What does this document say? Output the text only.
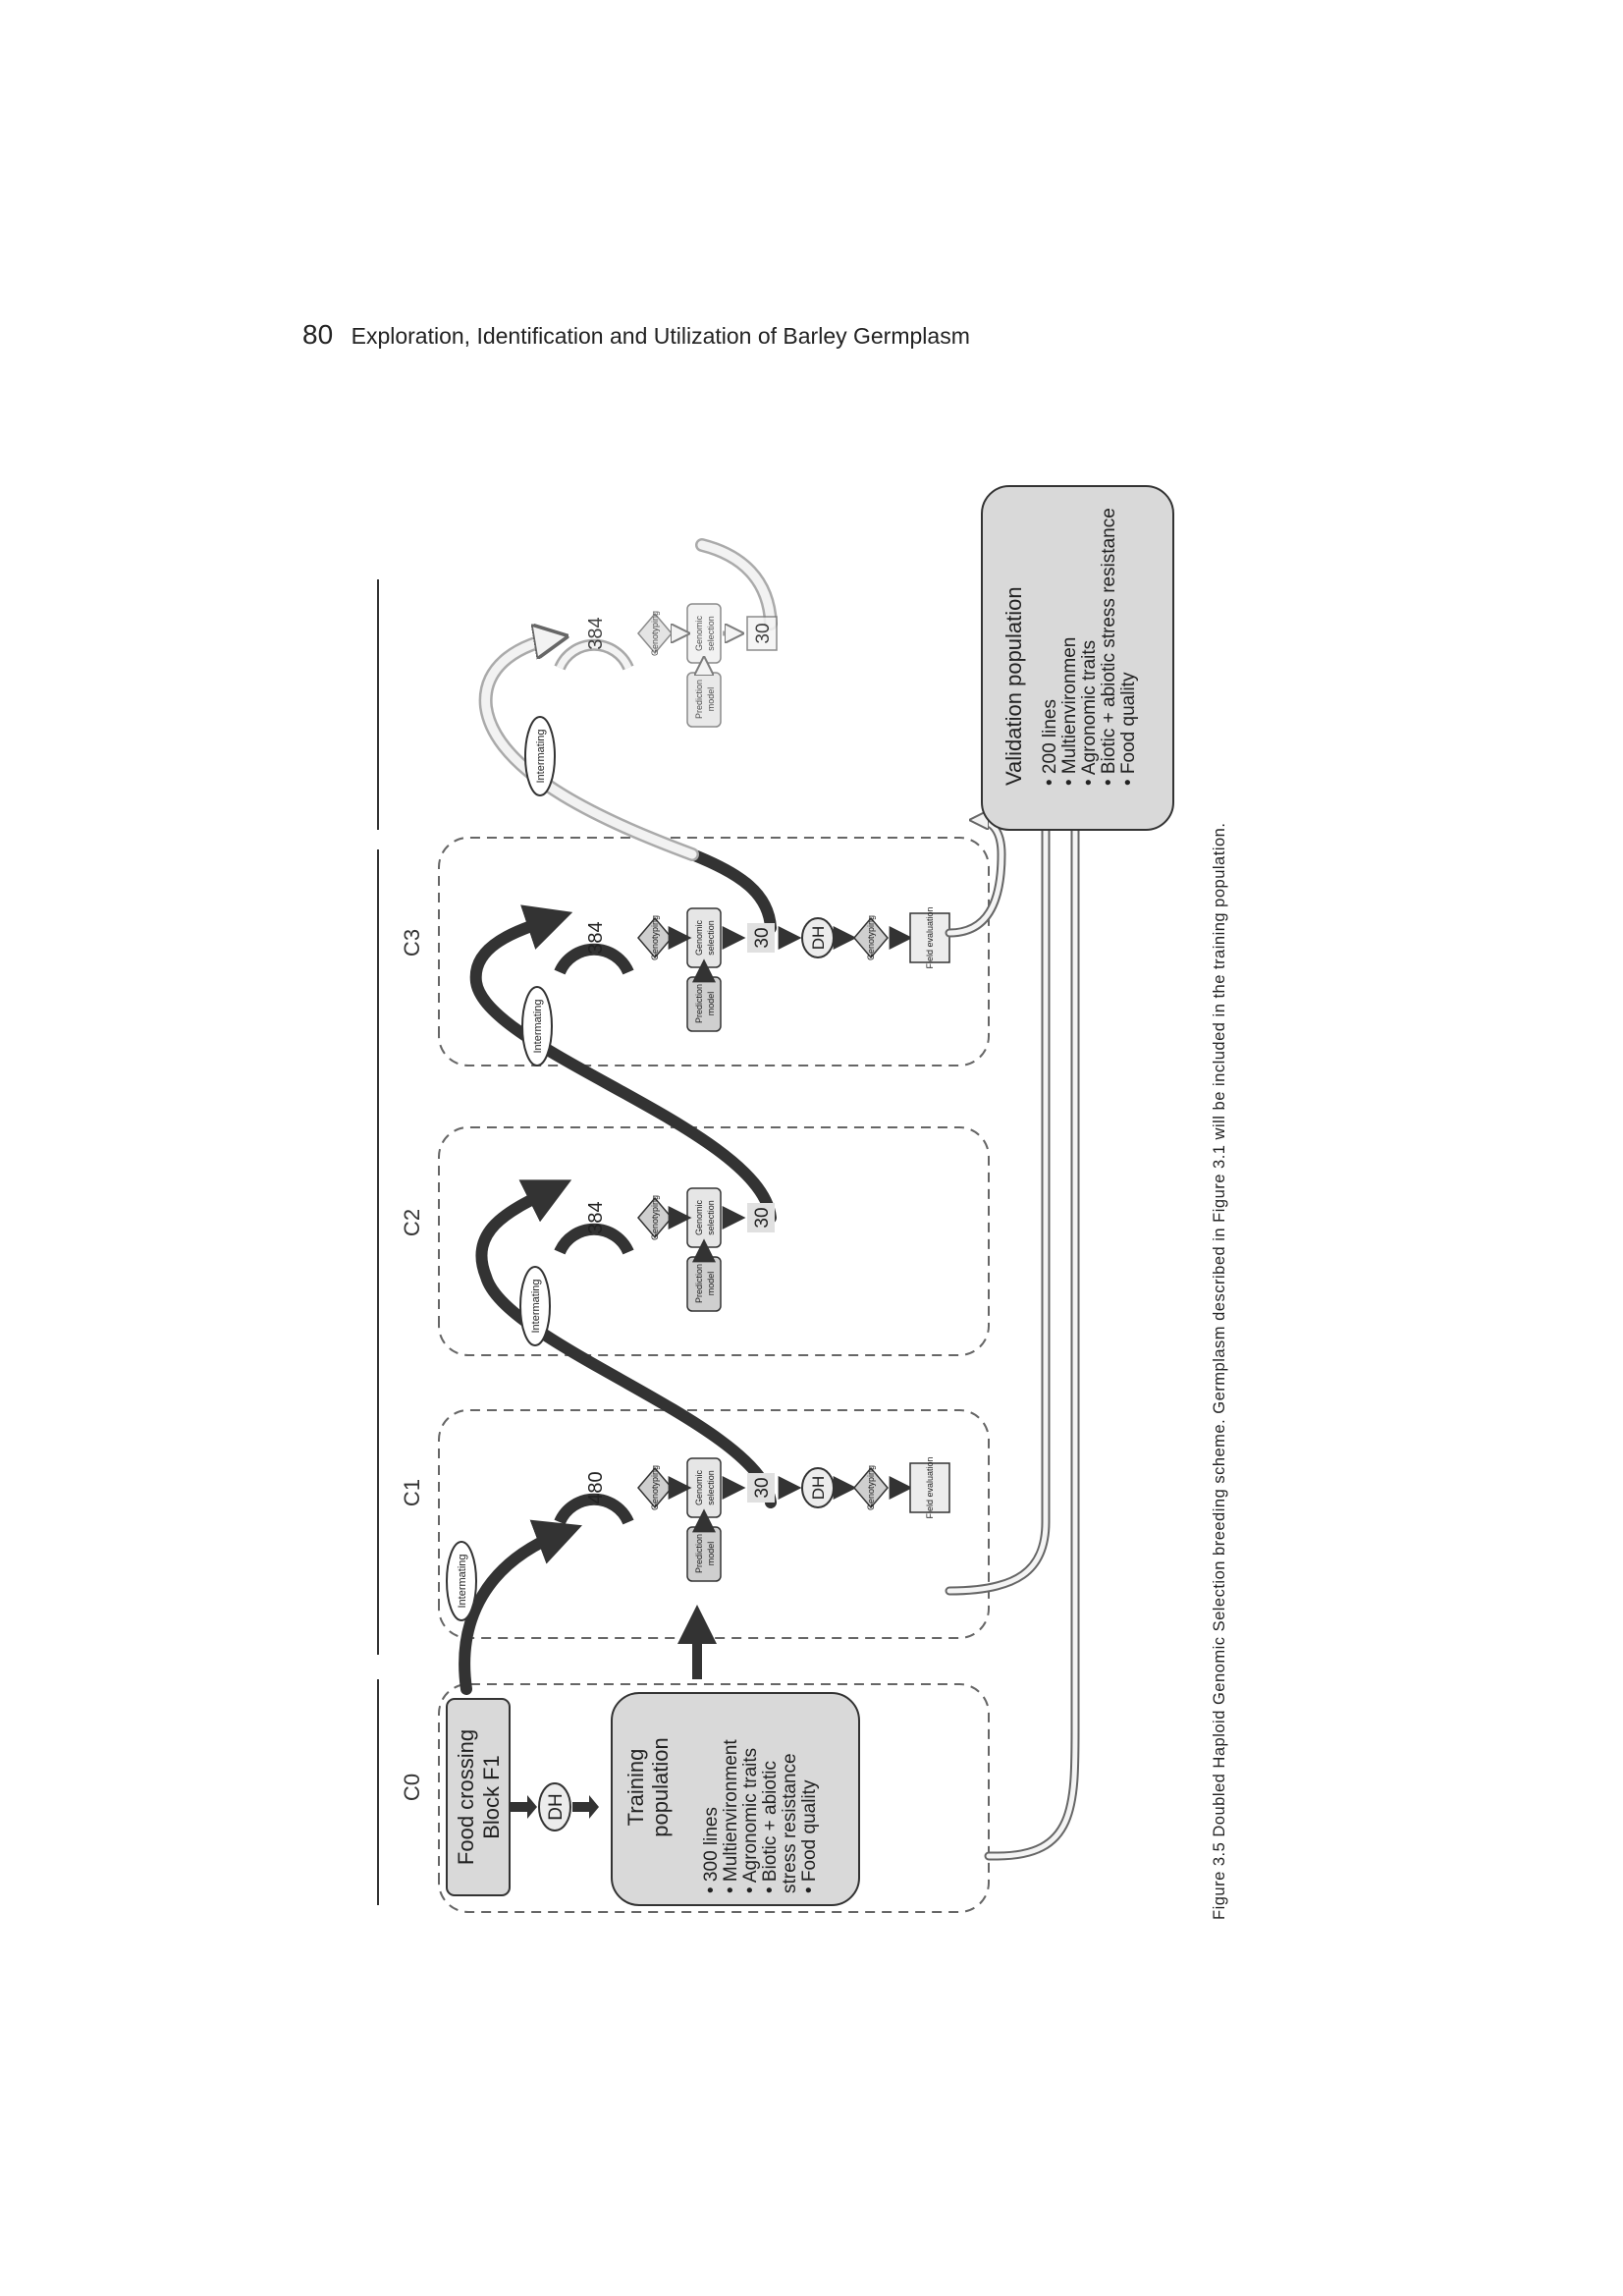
80 Exploration, Identification and Utilization of Barley Germplasm
C0
C1
C2
C3
Food crossing Block F1 DH	Training population
• 300 lines • Multienvironment • Agronomic traits • Biotic + abiotic stress resistance • Food quality
Intermating
Intermating
Intermating
Intermating
480	Genotyping	Genomic selection
Prediction model
30 DH	Genotyping	Field evaluation
384	Genotyping	Genomic selection
Prediction model
30
384	Genotyping	Genomic selection
Prediction model
30 DH	Genotyping	Field evaluation
384	Genotyping	Genomic selection
Prediction model
30	Validation population • 200 lines • Multienvironmen • Agronomic traits • Biotic + abiotic stress resistance • Food quality
Figure 3.5 Doubled Haploid Genomic Selection breeding scheme. Germplasm described in Figure 3.1 will be included in the training population.
